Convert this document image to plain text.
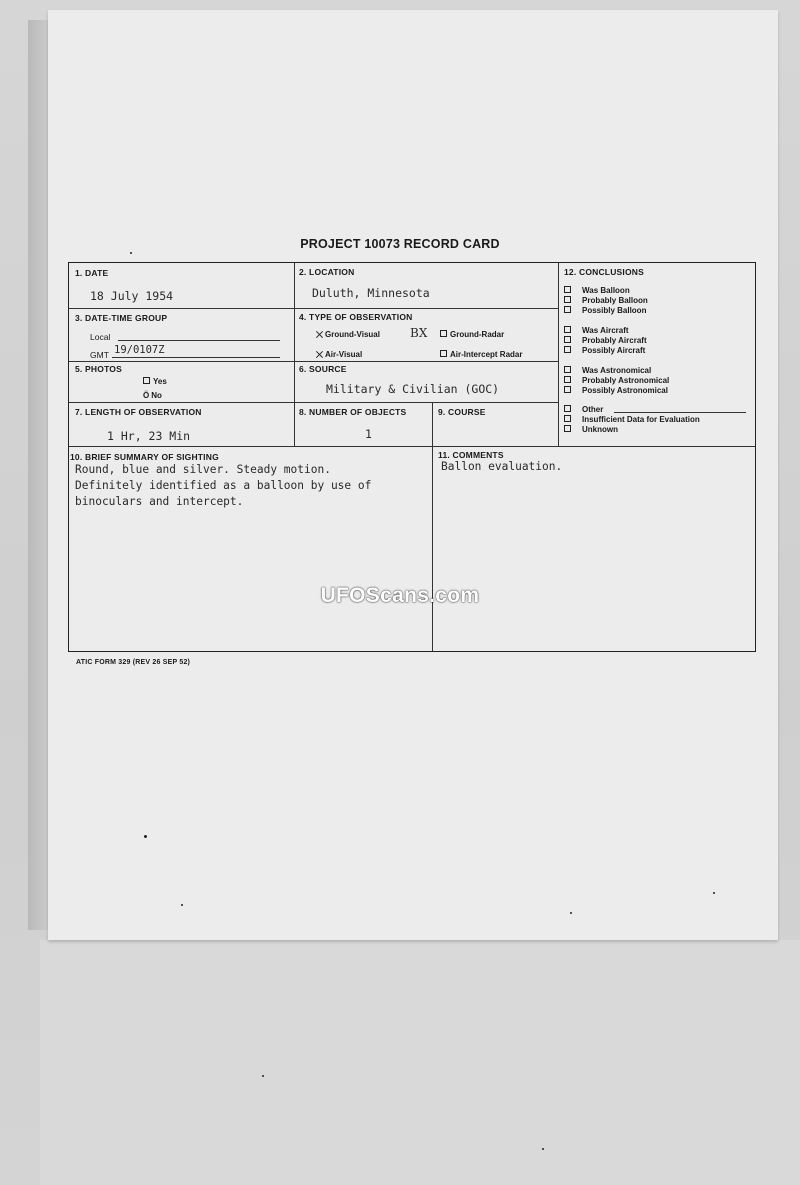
PROJECT 10073 RECORD CARD
1. DATE
18 July 1954
2. LOCATION
Duluth, Minnesota
3. DATE-TIME GROUP
Local
GMT 19/0107Z
4. TYPE OF OBSERVATION
Ground-Visual	BX	Ground-Radar
Air-Visual	Air-Intercept Radar
5. PHOTOS
Yes
Ö No
6. SOURCE
Military & Civilian (GOC)
7. LENGTH OF OBSERVATION
1 Hr, 23 Min
8. NUMBER OF OBJECTS
1
9. COURSE
10. BRIEF SUMMARY OF SIGHTING
Round, blue and silver. Steady motion.
Definitely identified as a balloon by use of
binoculars and intercept.
11. COMMENTS
Ballon evaluation.
12. CONCLUSIONS
Was Balloon
Probably Balloon
Possibly Balloon
Was Aircraft
Probably Aircraft
Possibly Aircraft
Was Astronomical
Probably Astronomical
Possibly Astronomical
Other
Insufficient Data for Evaluation
Unknown
ATIC FORM 329 (REV 26 SEP 52)
UFOScans.com
